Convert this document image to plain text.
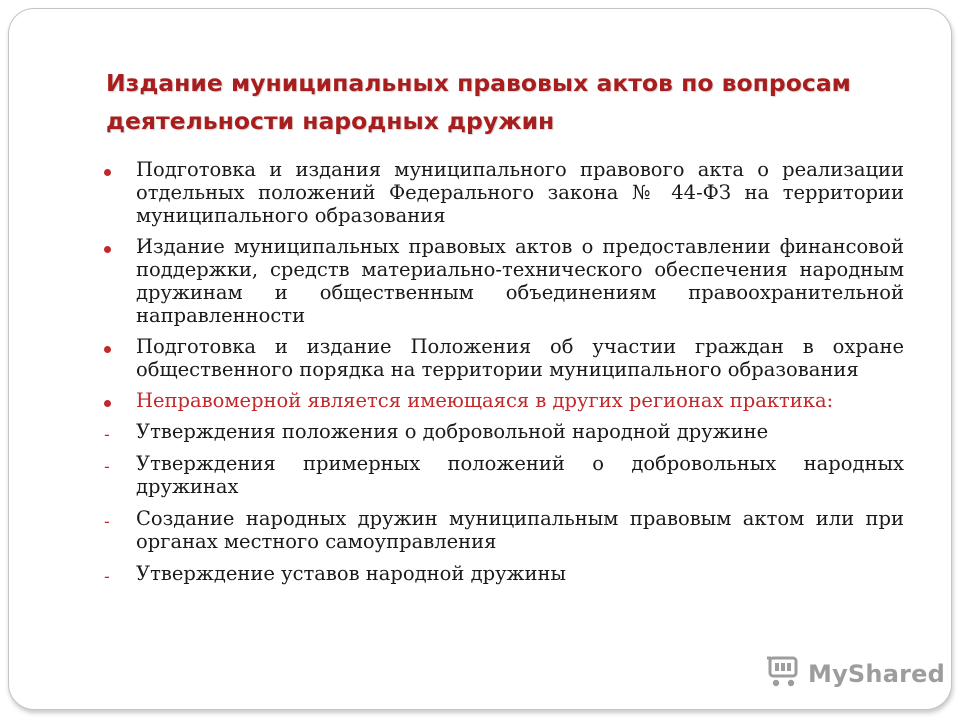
Издание муниципальных правовых актов по вопросам
деятельности народных дружин
Подготовка и издания муниципального правового акта о реализации отдельных положений Федерального закона № 44-ФЗ на территории муниципального образования
Издание муниципальных правовых актов о предоставлении финансовой поддержки, средств материально-технического обеспечения народным дружинам и общественным объединениям правоохранительной направленности
Подготовка и издание Положения об участии граждан в охране общественного порядка на территории муниципального образования
Неправомерной является имеющаяся в других регионах практика:
-	Утверждения положения о добровольной народной дружине
-	Утверждения примерных положений о добровольных народных дружинах
-	Создание народных дружин муниципальным правовым актом или при органах местного самоуправления
-	Утверждение уставов народной дружины
MyShared
